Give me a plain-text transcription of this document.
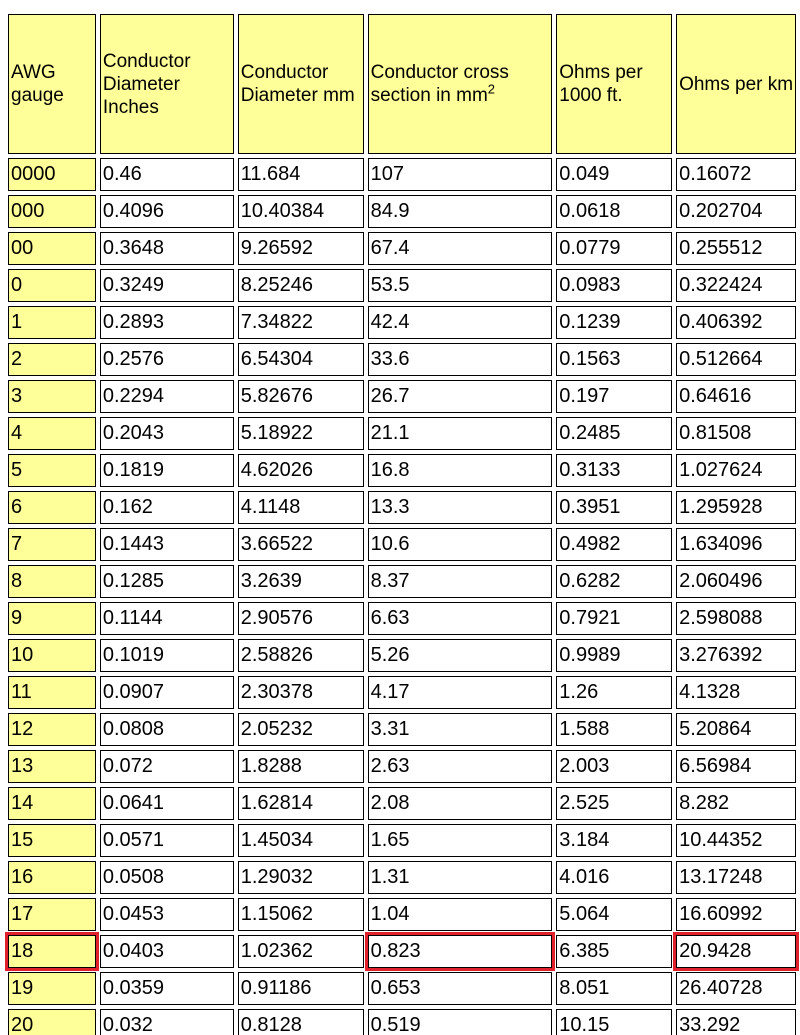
AWG gauge	Conductor Diameter Inches	Conductor Diameter mm	Conductor cross section in $mm^2$	Ohms per 1000 ft.	Ohms per km
0000	0.46	11.684	107	0.049	0.16072
000	0.4096	10.40384	84.9	0.0618	0.202704
00	0.3648	9.26592	67.4	0.0779	0.255512
0	0.3249	8.25246	53.5	0.0983	0.322424
1	0.2893	7.34822	42.4	0.1239	0.406392
2	0.2576	6.54304	33.6	0.1563	0.512664
3	0.2294	5.82676	26.7	0.197	0.64616
4	0.2043	5.18922	21.1	0.2485	0.81508
5	0.1819	4.62026	16.8	0.3133	1.027624
6	0.162	4.1148	13.3	0.3951	1.295928
7	0.1443	3.66522	10.6	0.4982	1.634096
8	0.1285	3.2639	8.37	0.6282	2.060496
9	0.1144	2.90576	6.63	0.7921	2.598088
10	0.1019	2.58826	5.26	0.9989	3.276392
11	0.0907	2.30378	4.17	1.26	4.1328
12	0.0808	2.05232	3.31	1.588	5.20864
13	0.072	1.8288	2.63	2.003	6.56984
14	0.0641	1.62814	2.08	2.525	8.282
15	0.0571	1.45034	1.65	3.184	10.44352
16	0.0508	1.29032	1.31	4.016	13.17248
17	0.0453	1.15062	1.04	5.064	16.60992
18	0.0403	1.02362	0.823	6.385	20.9428
19	0.0359	0.91186	0.653	8.051	26.40728
20	0.032	0.8128	0.519	10.15	33.292
